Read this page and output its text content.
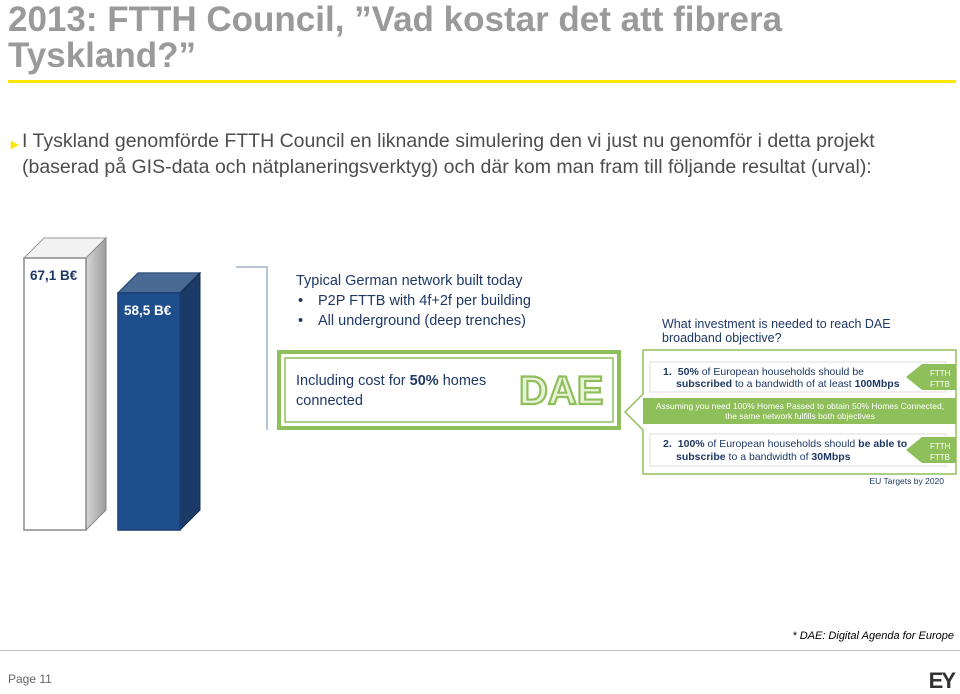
2013: FTTH Council, ”Vad kostar det att fibrera Tyskland?”
► I Tyskland genomförde FTTH Council en liknande simulering den vi just nu genomför i detta projekt (baserad på GIS-data och nätplaneringsverktyg) och där kom man fram till följande resultat (urval):
67,1 B€
58,5 B€
Typical German network built today
• P2P FTTB with 4f+2f per building
• All underground (deep trenches)
Including cost for 50% homes
connected	DAE
What investment is needed to reach DAE
broadband objective?
1. 50% of European households should be
subscribed to a bandwidth of at least 100Mbps
FTTH
FTTB
Assuming you need 100% Homes Passed to obtain 50% Homes Connected,
the same network fulfills both objectives
2. 100% of European households should be able to
subscribe to a bandwidth of 30Mbps
FTTH
FTTB
EU Targets by 2020
* DAE: Digital Agenda for Europe
Page 11	EY
